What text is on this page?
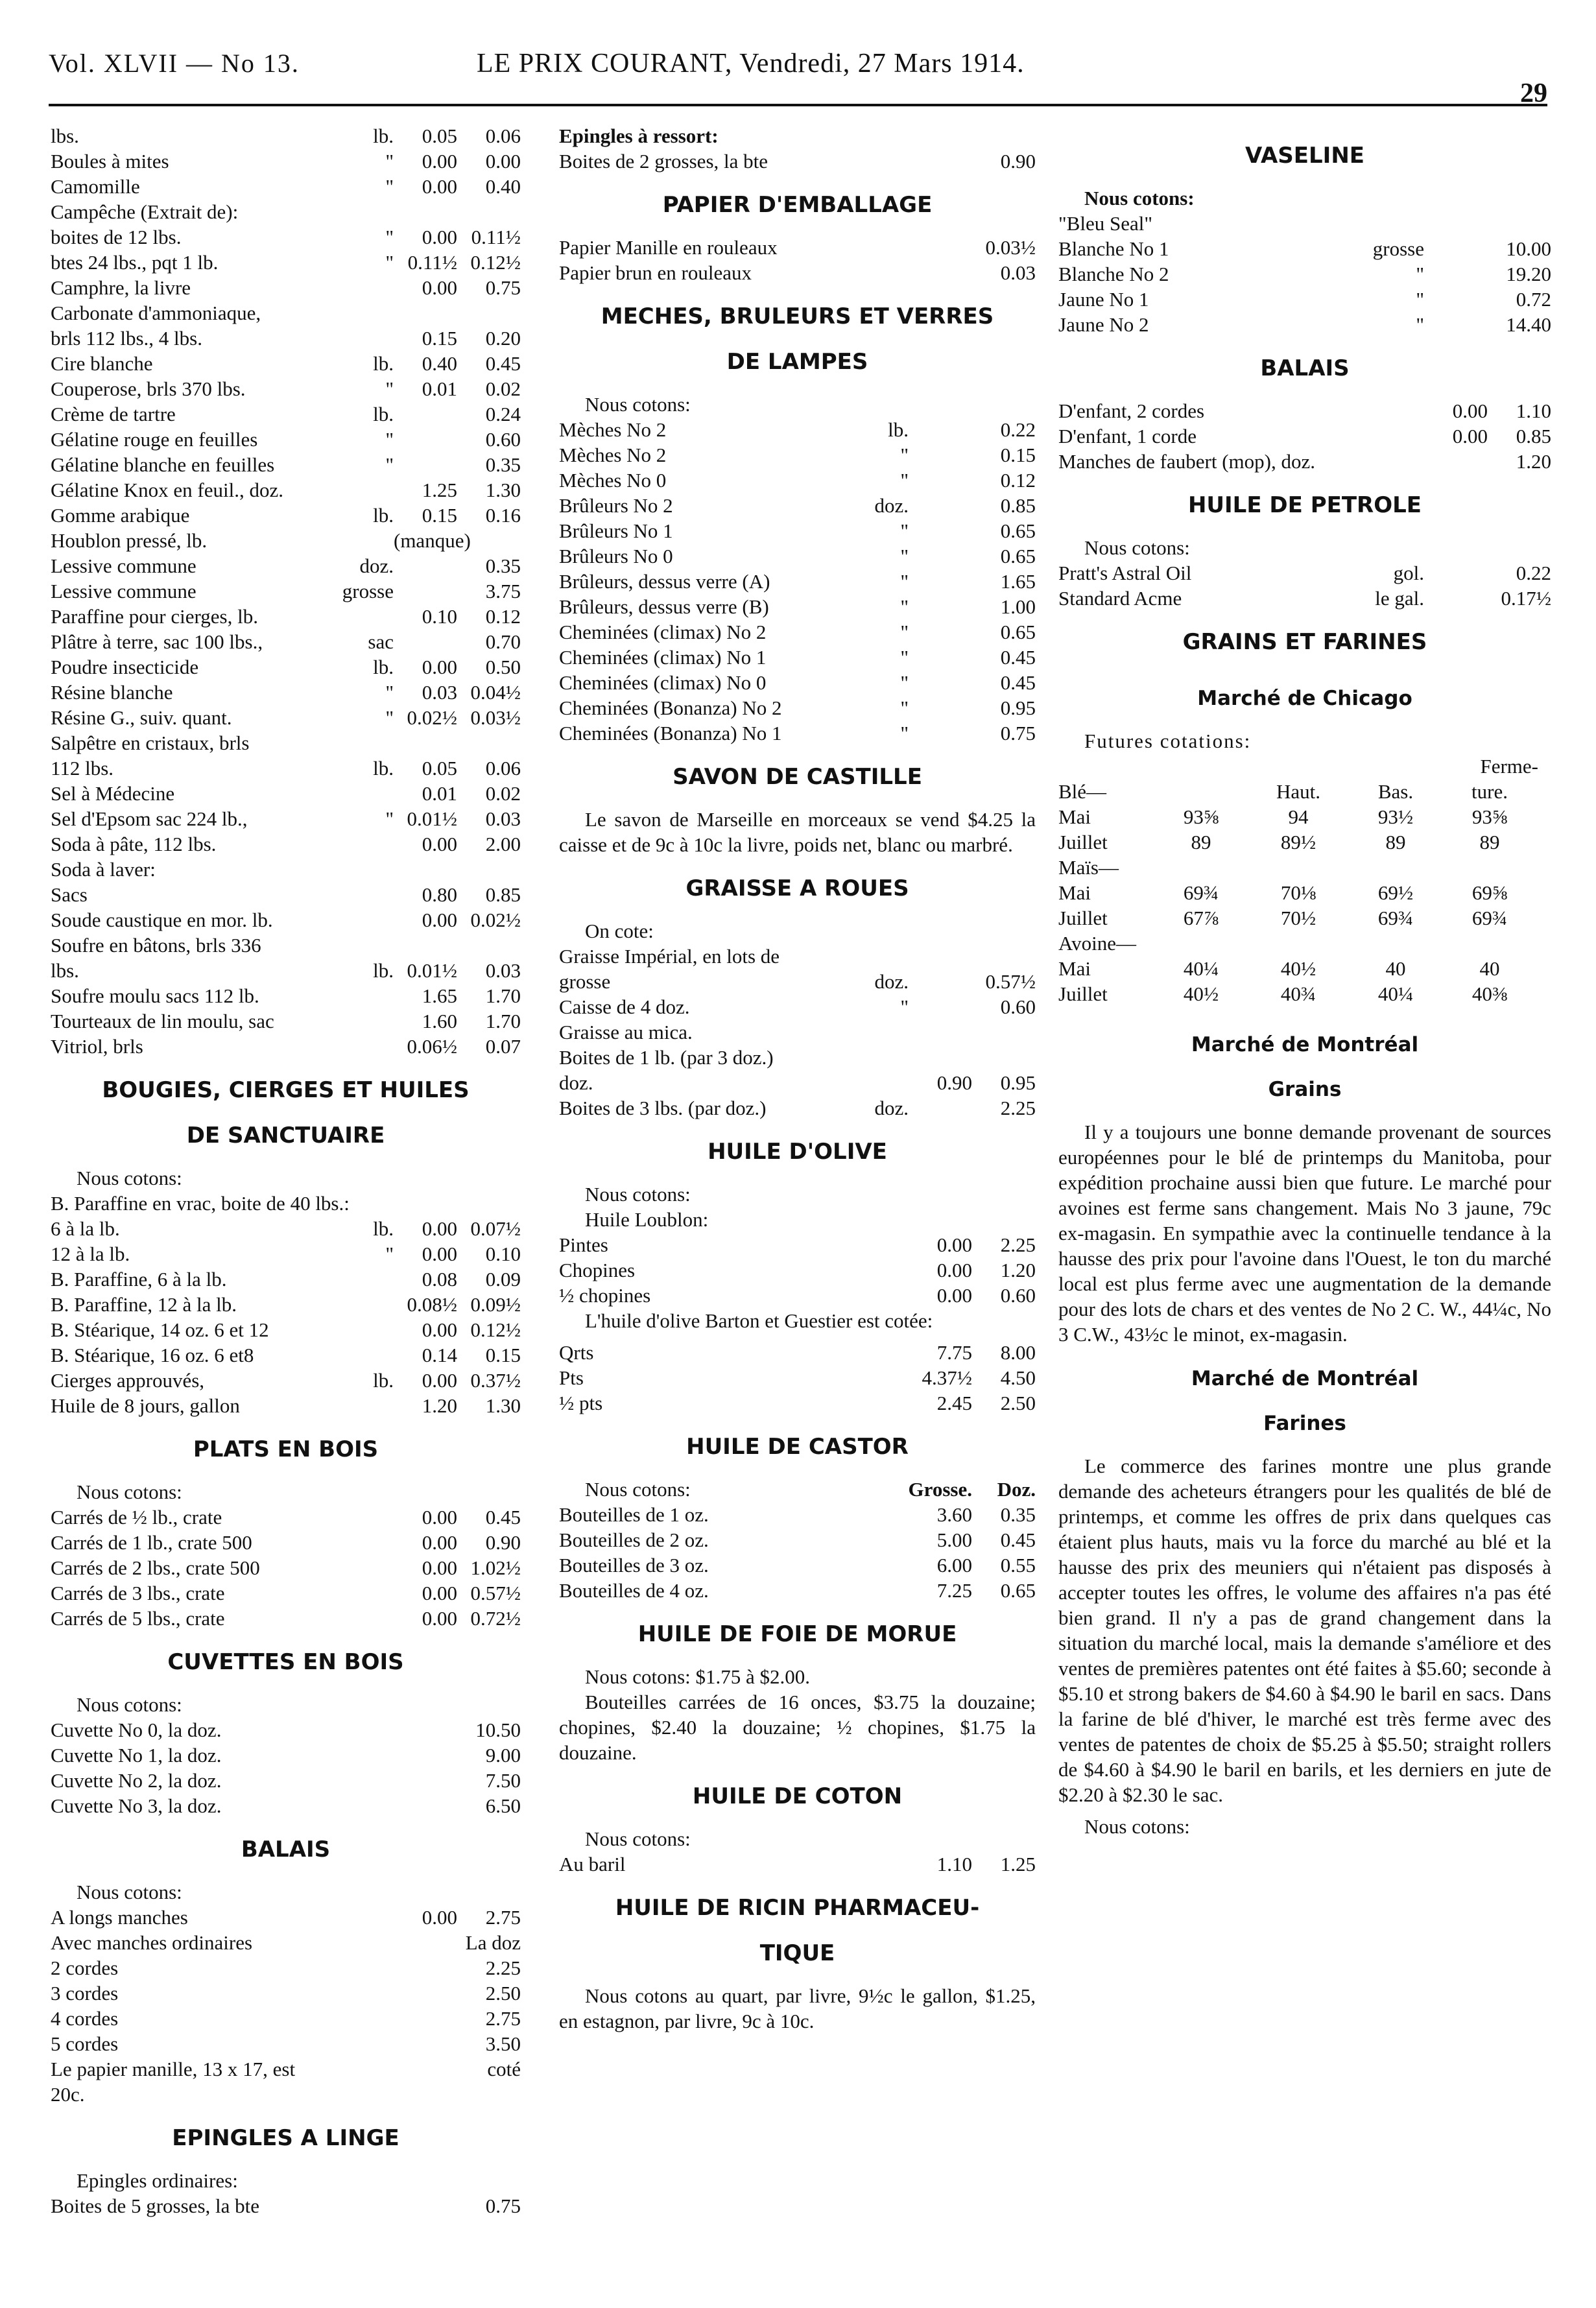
Vol. XLVII — No 13.	LE PRIX COURANT, Vendredi, 27 Mars 1914.
29
lbs.	lb.	0.05	0.06
Boules à mites	"	0.00	0.00
Camomille	"	0.00	0.40
Campêche (Extrait de):
boites de 12 lbs.	"	0.00 0.11½
btes 24 lbs., pqt 1 lb.	" 0.11½ 0.12½
Camphre, la livre	0.00	0.75
Carbonate d'ammoniaque,
brls 112 lbs., 4 lbs.	0.15	0.20
Cire blanche	lb.	0.40	0.45
Couperose, brls 370 lbs.	"	0.01	0.02
Crème de tartre	lb.	0.24
Gélatine rouge en feuilles	"	0.60
Gélatine blanche en feuilles	"	0.35
Gélatine Knox en feuil., doz.	1.25	1.30
Gomme arabique	lb.	0.15	0.16
Houblon pressé, lb.	(manque)
Lessive commune	doz.	0.35
Lessive commune	grosse	3.75
Paraffine pour cierges, lb.	0.10	0.12
Plâtre à terre, sac 100 lbs.,	sac	0.70
Poudre insecticide	lb.	0.00	0.50
Résine blanche	"	0.03 0.04½
Résine G., suiv. quant.	" 0.02½ 0.03½
Salpêtre en cristaux, brls
112 lbs.	lb.	0.05	0.06
Sel à Médecine	0.01	0.02
Sel d'Epsom sac 224 lb.,	" 0.01½	0.03
Soda à pâte, 112 lbs.	0.00	2.00
Soda à laver:
Sacs	0.80	0.85
Soude caustique en mor. lb.	0.00 0.02½
Soufre en bâtons, brls 336
lbs.	lb. 0.01½	0.03
Soufre moulu sacs 112 lb.	1.65	1.70
Tourteaux de lin moulu, sac	1.60	1.70
Vitriol, brls	0.06½	0.07
BOUGIES, CIERGES ET HUILES
DE SANCTUAIRE
Nous cotons:
B. Paraffine en vrac, boite de 40 lbs.:
6 à la lb.	lb.	0.00 0.07½
12 à la lb.	"	0.00	0.10
B. Paraffine, 6 à la lb.	0.08	0.09
B. Paraffine, 12 à la lb.	0.08½ 0.09½
B. Stéarique, 14 oz. 6 et 12	0.00 0.12½
B. Stéarique, 16 oz. 6 et8	0.14	0.15
Cierges approuvés,	lb.	0.00 0.37½
Huile de 8 jours, gallon	1.20	1.30
PLATS EN BOIS
Nous cotons:
Carrés de ½ lb., crate	0.00	0.45
Carrés de 1 lb., crate 500	0.00	0.90
Carrés de 2 lbs., crate 500	0.00 1.02½
Carrés de 3 lbs., crate	0.00 0.57½
Carrés de 5 lbs., crate	0.00 0.72½
CUVETTES EN BOIS
Nous cotons:
Cuvette No 0, la doz.	10.50
Cuvette No 1, la doz.	9.00
Cuvette No 2, la doz.	7.50
Cuvette No 3, la doz.	6.50
BALAIS
Nous cotons:
A longs manches	0.00	2.75
Avec manches ordinaires	La doz
2 cordes	2.25
3 cordes	2.50
4 cordes	2.75
5 cordes	3.50
Le papier manille, 13 x 17, est	coté
20c.
EPINGLES A LINGE
Epingles ordinaires:
Boites de 5 grosses, la bte	0.75
Epingles à ressort:
Boites de 2 grosses, la bte	0.90
PAPIER D'EMBALLAGE
Papier Manille en rouleaux	0.03½
Papier brun en rouleaux	0.03
MECHES, BRULEURS ET VERRES
DE LAMPES
Nous cotons:
Mèches No 2	lb.	0.22
Mèches No 2	"	0.15
Mèches No 0	"	0.12
Brûleurs No 2	doz.	0.85
Brûleurs No 1	"	0.65
Brûleurs No 0	"	0.65
Brûleurs, dessus verre (A)	"	1.65
Brûleurs, dessus verre (B)	"	1.00
Cheminées (climax) No 2	"	0.65
Cheminées (climax) No 1	"	0.45
Cheminées (climax) No 0	"	0.45
Cheminées (Bonanza) No 2	"	0.95
Cheminées (Bonanza) No 1	"	0.75
SAVON DE CASTILLE
Le savon de Marseille en morceaux se vend $4.25 la caisse et de 9c à 10c la livre, poids net, blanc ou marbré.
GRAISSE A ROUES
On cote:
Graisse Impérial, en lots de
grosse	doz.	0.57½
Caisse de 4 doz.	"	0.60
Graisse au mica.
Boites de 1 lb. (par 3 doz.)
doz.	0.90	0.95
Boites de 3 lbs. (par doz.)	doz.	2.25
HUILE D'OLIVE
Nous cotons:
Huile Loublon:
Pintes	0.00	2.25
Chopines	0.00	1.20
½ chopines	0.00	0.60
L'huile d'olive Barton et Guestier est cotée:
Qrts	7.75	8.00
Pts	4.37½	4.50
½ pts	2.45	2.50
HUILE DE CASTOR
Nous cotons:	Grosse.	Doz.
Bouteilles de 1 oz.	3.60	0.35
Bouteilles de 2 oz.	5.00	0.45
Bouteilles de 3 oz.	6.00	0.55
Bouteilles de 4 oz.	7.25	0.65
HUILE DE FOIE DE MORUE
Nous cotons: $1.75 à $2.00.
Bouteilles carrées de 16 onces, $3.75 la douzaine; chopines, $2.40 la douzaine; ½ chopines, $1.75 la douzaine.
HUILE DE COTON
Nous cotons:
Au baril	1.10	1.25
HUILE DE RICIN PHARMACEU-
TIQUE
Nous cotons au quart, par livre, 9½c le gallon, $1.25, en estagnon, par livre, 9c à 10c.
VASELINE
Nous cotons:
"Bleu Seal"
Blanche No 1	grosse	10.00
Blanche No 2	"	19.20
Jaune No 1	"	0.72
Jaune No 2	"	14.40
BALAIS
D'enfant, 2 cordes	0.00	1.10
D'enfant, 1 corde	0.00	0.85
Manches de faubert (mop), doz.	1.20
HUILE DE PETROLE
Nous cotons:
Pratt's Astral Oil	gol.	0.22
Standard Acme	le gal.	0.17½
GRAINS ET FARINES
Marché de Chicago
Futures cotations:
Ferme-
Blé—	Haut.	Bas.	ture.
Mai	93⅝	94	93½	93⅝
Juillet	89	89½	89	89
Maïs—
Mai	69¾	70⅛	69½	69⅝
Juillet	67⅞	70½	69¾	69¾
Avoine—
Mai	40¼	40½	40	40
Juillet	40½	40¾	40¼	40⅜
Marché de Montréal
Grains
Il y a toujours une bonne demande provenant de sources européennes pour le blé de printemps du Manitoba, pour expédition prochaine aussi bien que future. Le marché pour avoines est ferme sans changement. Mais No 3 jaune, 79c ex-magasin. En sympathie avec la continuelle tendance à la hausse des prix pour l'avoine dans l'Ouest, le ton du marché local est plus ferme avec une augmentation de la demande pour des lots de chars et des ventes de No 2 C. W., 44¼c, No 3 C.W., 43½c le minot, ex-magasin.
Marché de Montréal
Farines
Le commerce des farines montre une plus grande demande des acheteurs étrangers pour les qualités de blé de printemps, et comme les offres de prix dans quelques cas étaient plus hauts, mais vu la force du marché au blé et la hausse des prix des meuniers qui n'étaient pas disposés à accepter toutes les offres, le volume des affaires n'a pas été bien grand. Il n'y a pas de grand changement dans la situation du marché local, mais la demande s'améliore et des ventes de premières patentes ont été faites à $5.60; seconde à $5.10 et strong bakers de $4.60 à $4.90 le baril en sacs. Dans la farine de blé d'hiver, le marché est très ferme avec des ventes de patentes de choix de $5.25 à $5.50; straight rollers de $4.60 à $4.90 le baril en barils, et les derniers en jute de $2.20 à $2.30 le sac.
Nous cotons:
